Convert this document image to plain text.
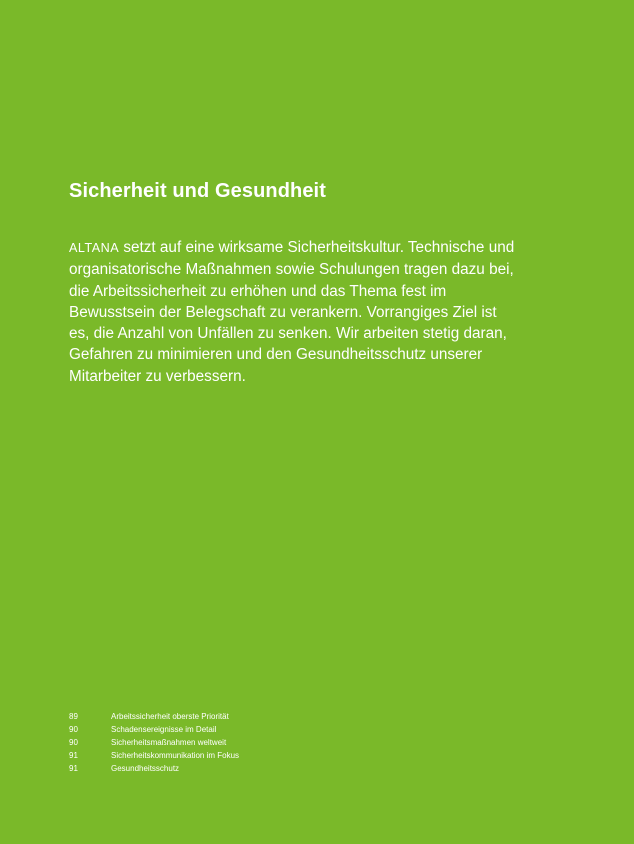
Sicherheit und Gesundheit

ALTANA setzt auf eine wirksame Sicherheitskultur. Technische und organisatorische Maßnahmen sowie Schulungen tragen dazu bei, die Arbeitssicherheit zu erhöhen und das Thema fest im Bewusstsein der Belegschaft zu verankern. Vorrangiges Ziel ist es, die Anzahl von Unfällen zu senken. Wir arbeiten stetig daran, Gefahren zu minimieren und den Gesundheitsschutz unserer Mitarbeiter zu verbessern.

89	Arbeitssicherheit oberste Priorität
90	Schadensereignisse im Detail
90	Sicherheitsmaßnahmen weltweit
91	Sicherheitskommunikation im Fokus
91	Gesundheitsschutz
